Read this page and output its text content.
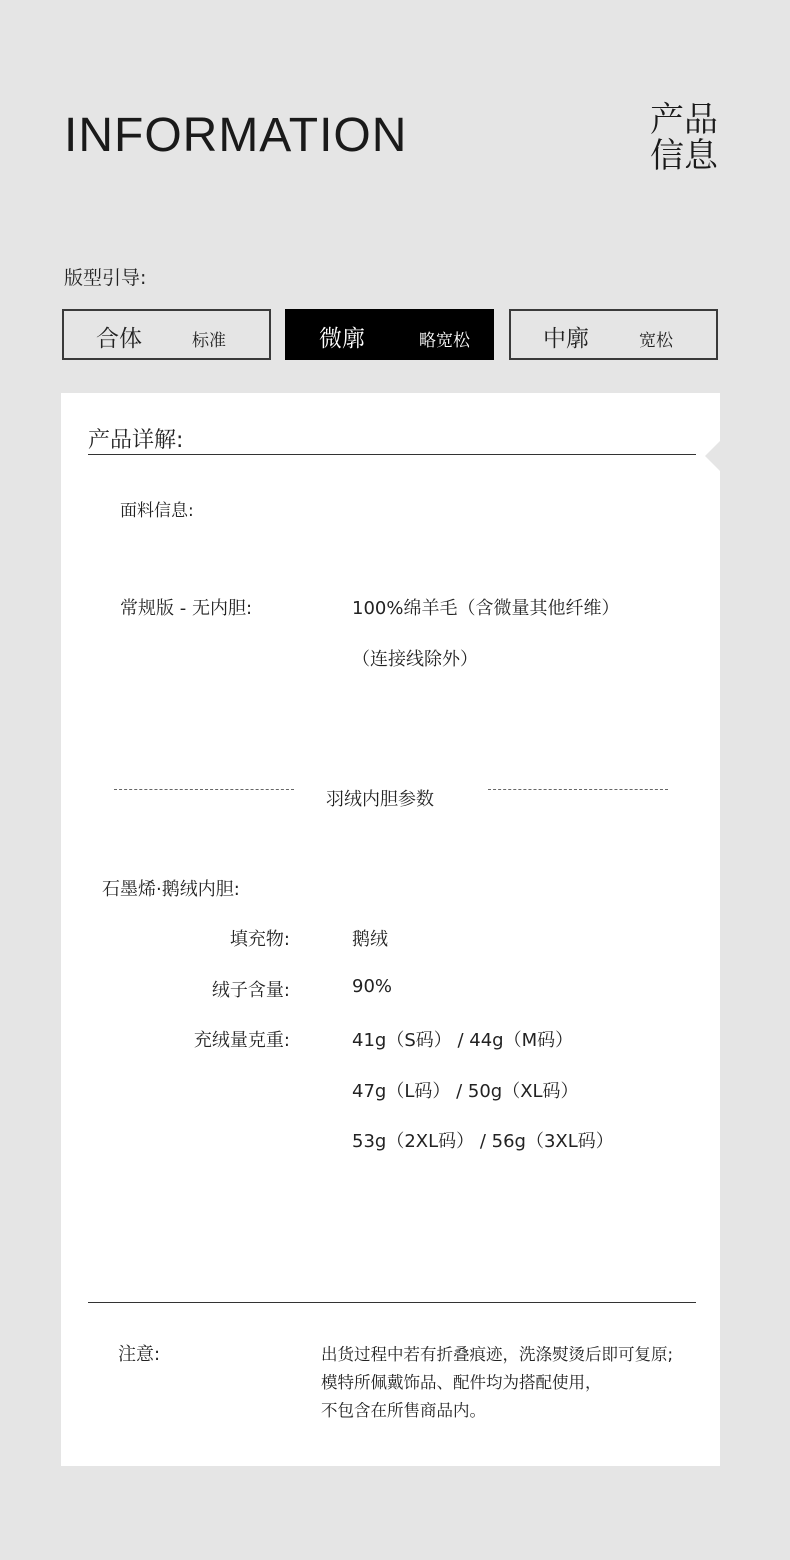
INFORMATION	产品
信息
版型引导:
合体	标准	微廓	略宽松	中廓	宽松
产品详解:
面料信息:
常规版 - 无内胆:	100%绵羊毛（含微量其他纤维）
（连接线除外）
羽绒内胆参数
石墨烯·鹅绒内胆:
填充物:	鹅绒
绒子含量:	90%
充绒量克重:	41g（S码） / 44g（M码）
47g（L码） / 50g（XL码）
53g（2XL码） / 56g（3XL码）
注意:	出货过程中若有折叠痕迹，洗涤熨烫后即可复原;
模特所佩戴饰品、配件均为搭配使用，
不包含在所售商品内。
